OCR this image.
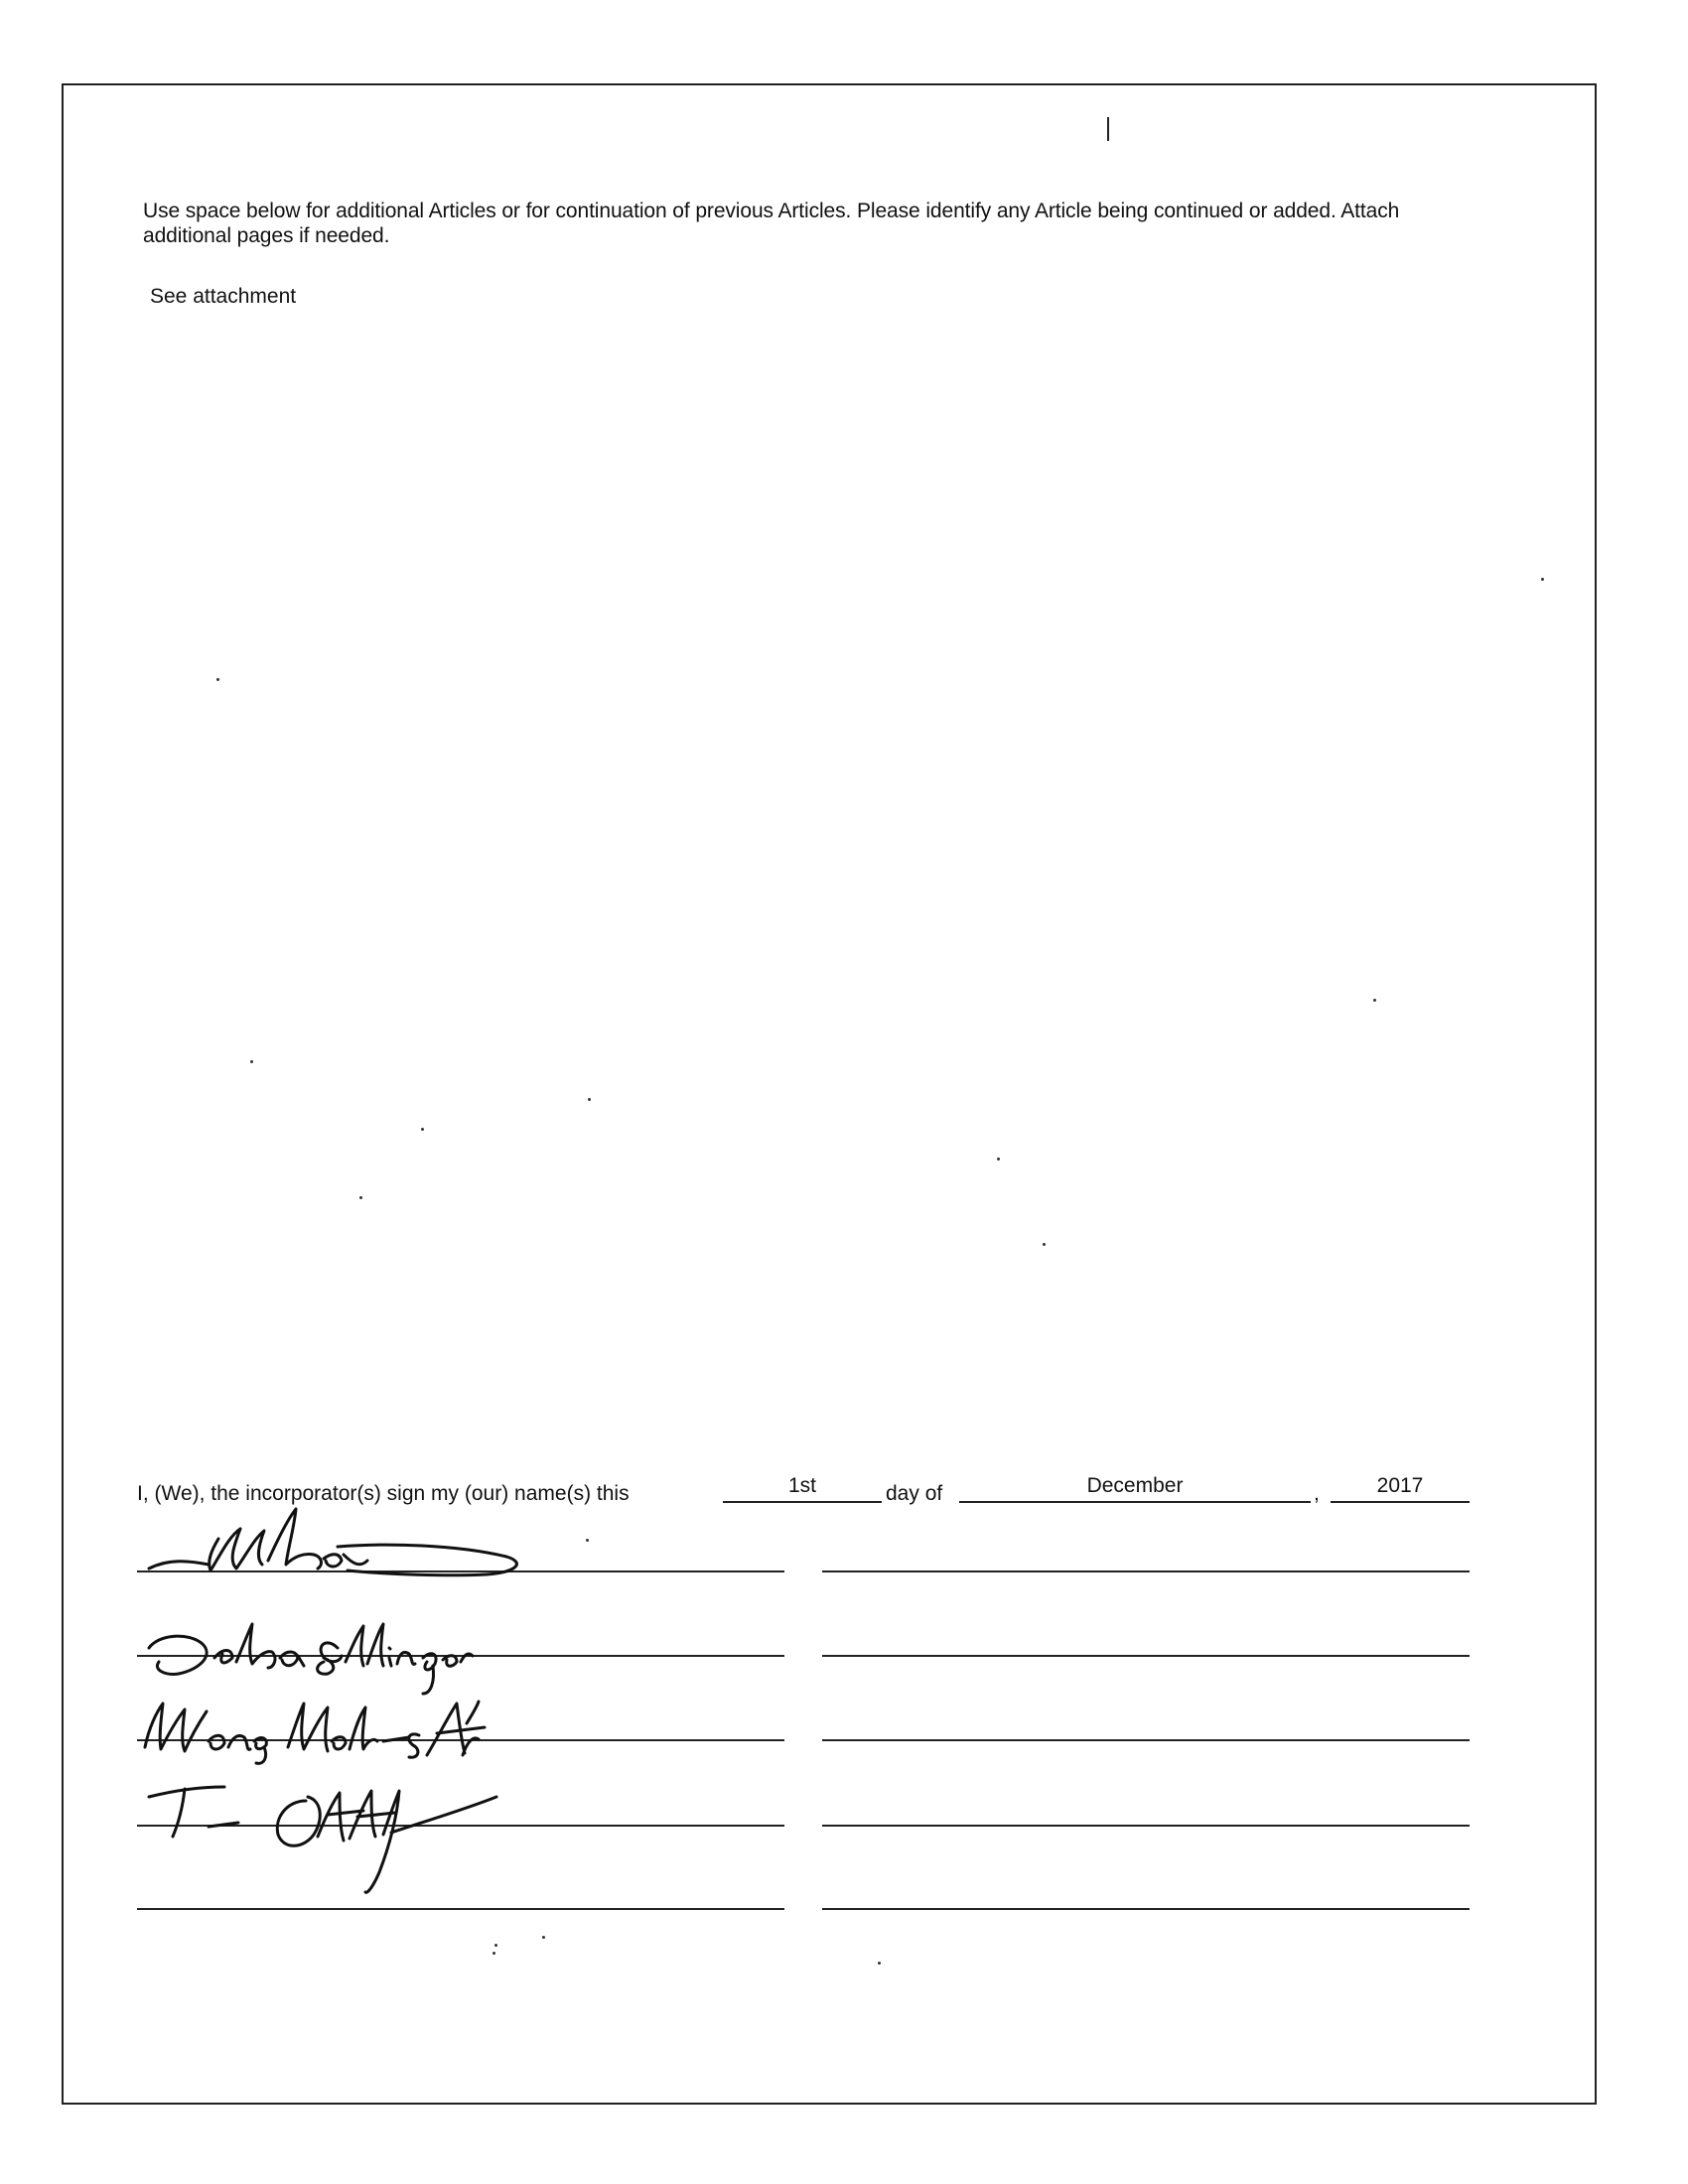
Use space below for additional Articles or for continuation of previous Articles. Please identify any Article being continued or added. Attach additional pages if needed.
See attachment
I, (We), the incorporator(s) sign my (our) name(s) this	1st	day of	December	,	2017
